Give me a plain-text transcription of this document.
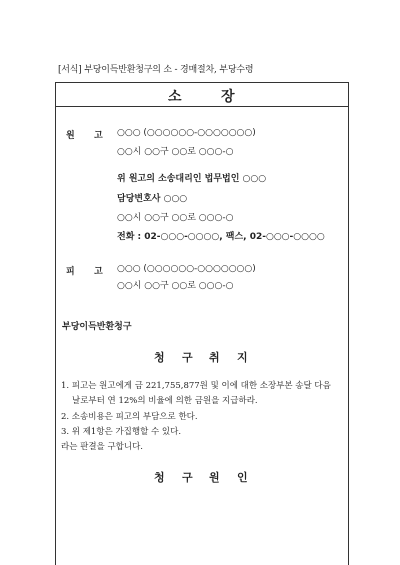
[서식] 부당이득반환청구의 소 - 경매절차, 부당수령
소	장
원 고 ○○○ (○○○○○○-○○○○○○○)
○○시 ○○구 ○○로 ○○○-○
위 원고의 소송대리인 법무법인 ○○○
담당변호사 ○○○
○○시 ○○구 ○○로 ○○○-○
전화 : 02-○○○-○○○○, 팩스, 02-○○○-○○○○
피 고 ○○○ (○○○○○○-○○○○○○○)
○○시 ○○구 ○○로 ○○○-○
부당이득반환청구
청 구 취 지
1. 피고는 원고에게 금 221,755,877원 및 이에 대한 소장부본 송달 다음
날로부터 연 12%의 비율에 의한 금원을 지급하라.
2. 소송비용은 피고의 부담으로 한다.
3. 위 제1항은 가집행할 수 있다.
라는 판결을 구합니다.
청 구 원 인
